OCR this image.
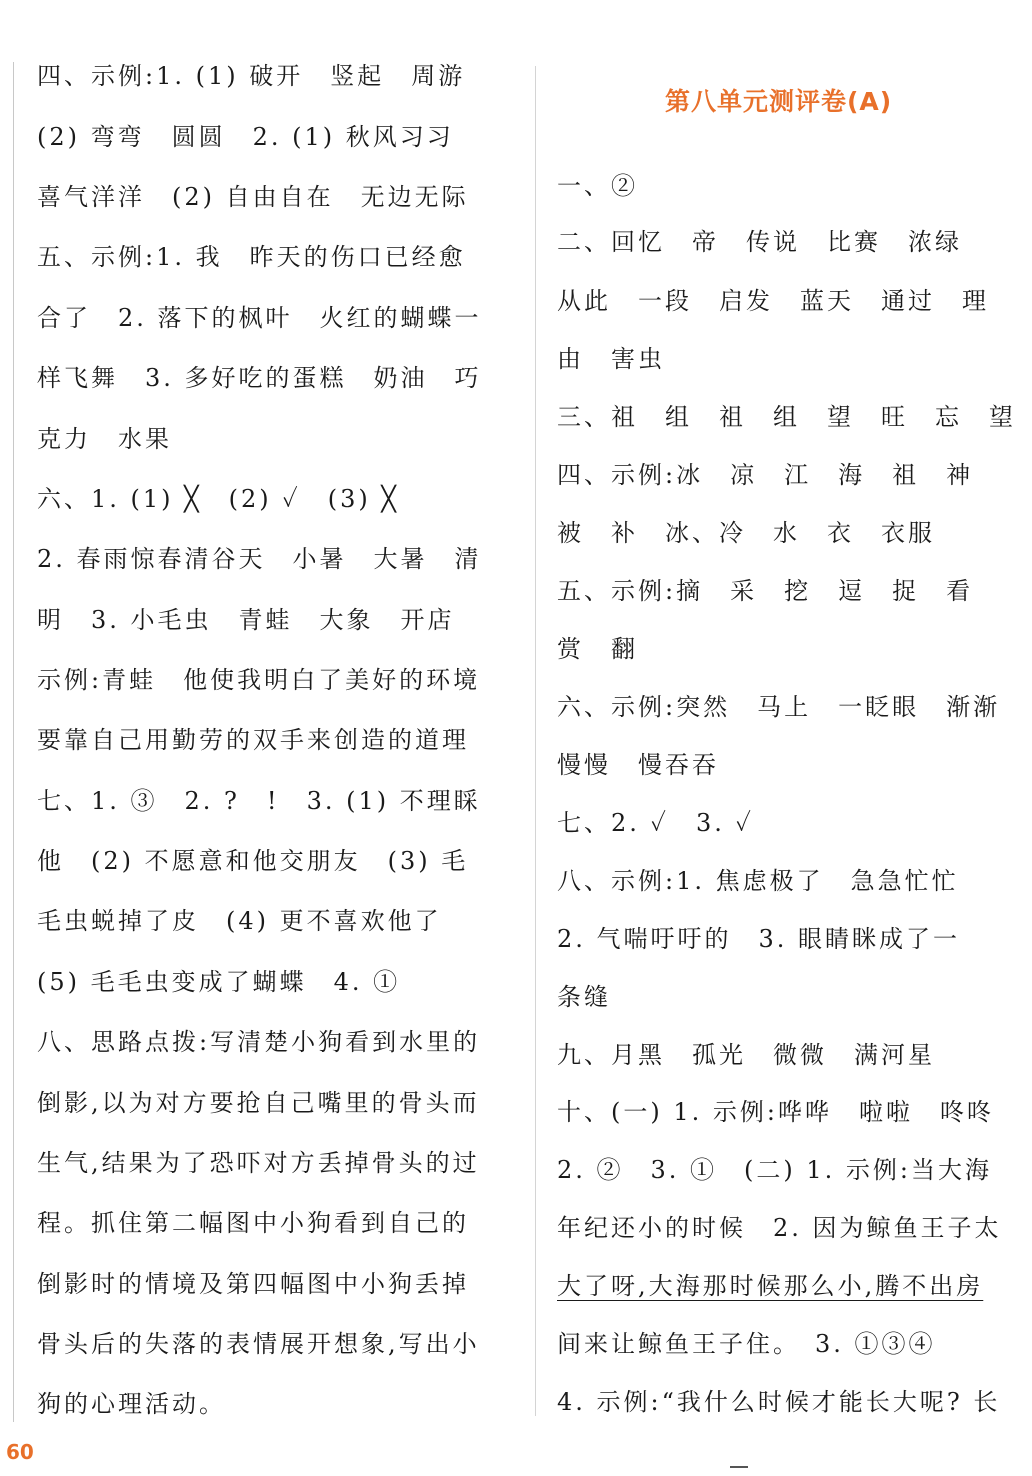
四、示例:1. (1) 破开　竖起　周游
(2) 弯弯　圆圆　2. (1) 秋风习习
喜气洋洋　(2) 自由自在　无边无际
五、示例:1. 我　昨天的伤口已经愈
合了　2. 落下的枫叶　火红的蝴蝶一
样飞舞　3. 多好吃的蛋糕　奶油　巧
克力　水果
六、1. (1) ╳　(2) ✓　(3) ╳
2. 春雨惊春清谷天　小暑　大暑　清
明　3. 小毛虫　青蛙　大象　开店
示例:青蛙　他使我明白了美好的环境
要靠自己用勤劳的双手来创造的道理
七、1. ③　2. ?　!　3. (1) 不理睬
他　(2) 不愿意和他交朋友　(3) 毛
毛虫蜕掉了皮　(4) 更不喜欢他了
(5) 毛毛虫变成了蝴蝶　4. ①
八、思路点拨:写清楚小狗看到水里的
倒影,以为对方要抢自己嘴里的骨头而
生气,结果为了恐吓对方丢掉骨头的过
程。抓住第二幅图中小狗看到自己的
倒影时的情境及第四幅图中小狗丢掉
骨头后的失落的表情展开想象,写出小
狗的心理活动。
第八单元测评卷(A)
一、②
二、回忆　帝　传说　比赛　浓绿
从此　一段　启发　蓝天　通过　理
由　害虫
三、祖　组　祖　组　望　旺　忘　望
四、示例:冰　凉　江　海　祖　神
被　补　冰、冷　水　衣　衣服
五、示例:摘　采　挖　逗　捉　看
赏　翻
六、示例:突然　马上　一眨眼　渐渐
慢慢　慢吞吞
七、2. ✓　3. ✓
八、示例:1. 焦虑极了　急急忙忙
2. 气喘吁吁的　3. 眼睛眯成了一
条缝
九、月黑　孤光　微微　满河星
十、(一) 1. 示例:哗哗　啦啦　咚咚
2. ②　3. ①　(二) 1. 示例:当大海
年纪还小的时候　2. 因为鲸鱼王子太
大了呀,大海那时候那么小,腾不出房
间来让鲸鱼王子住。　3. ①③④
4. 示例:“我什么时候才能长大呢? 长
60
